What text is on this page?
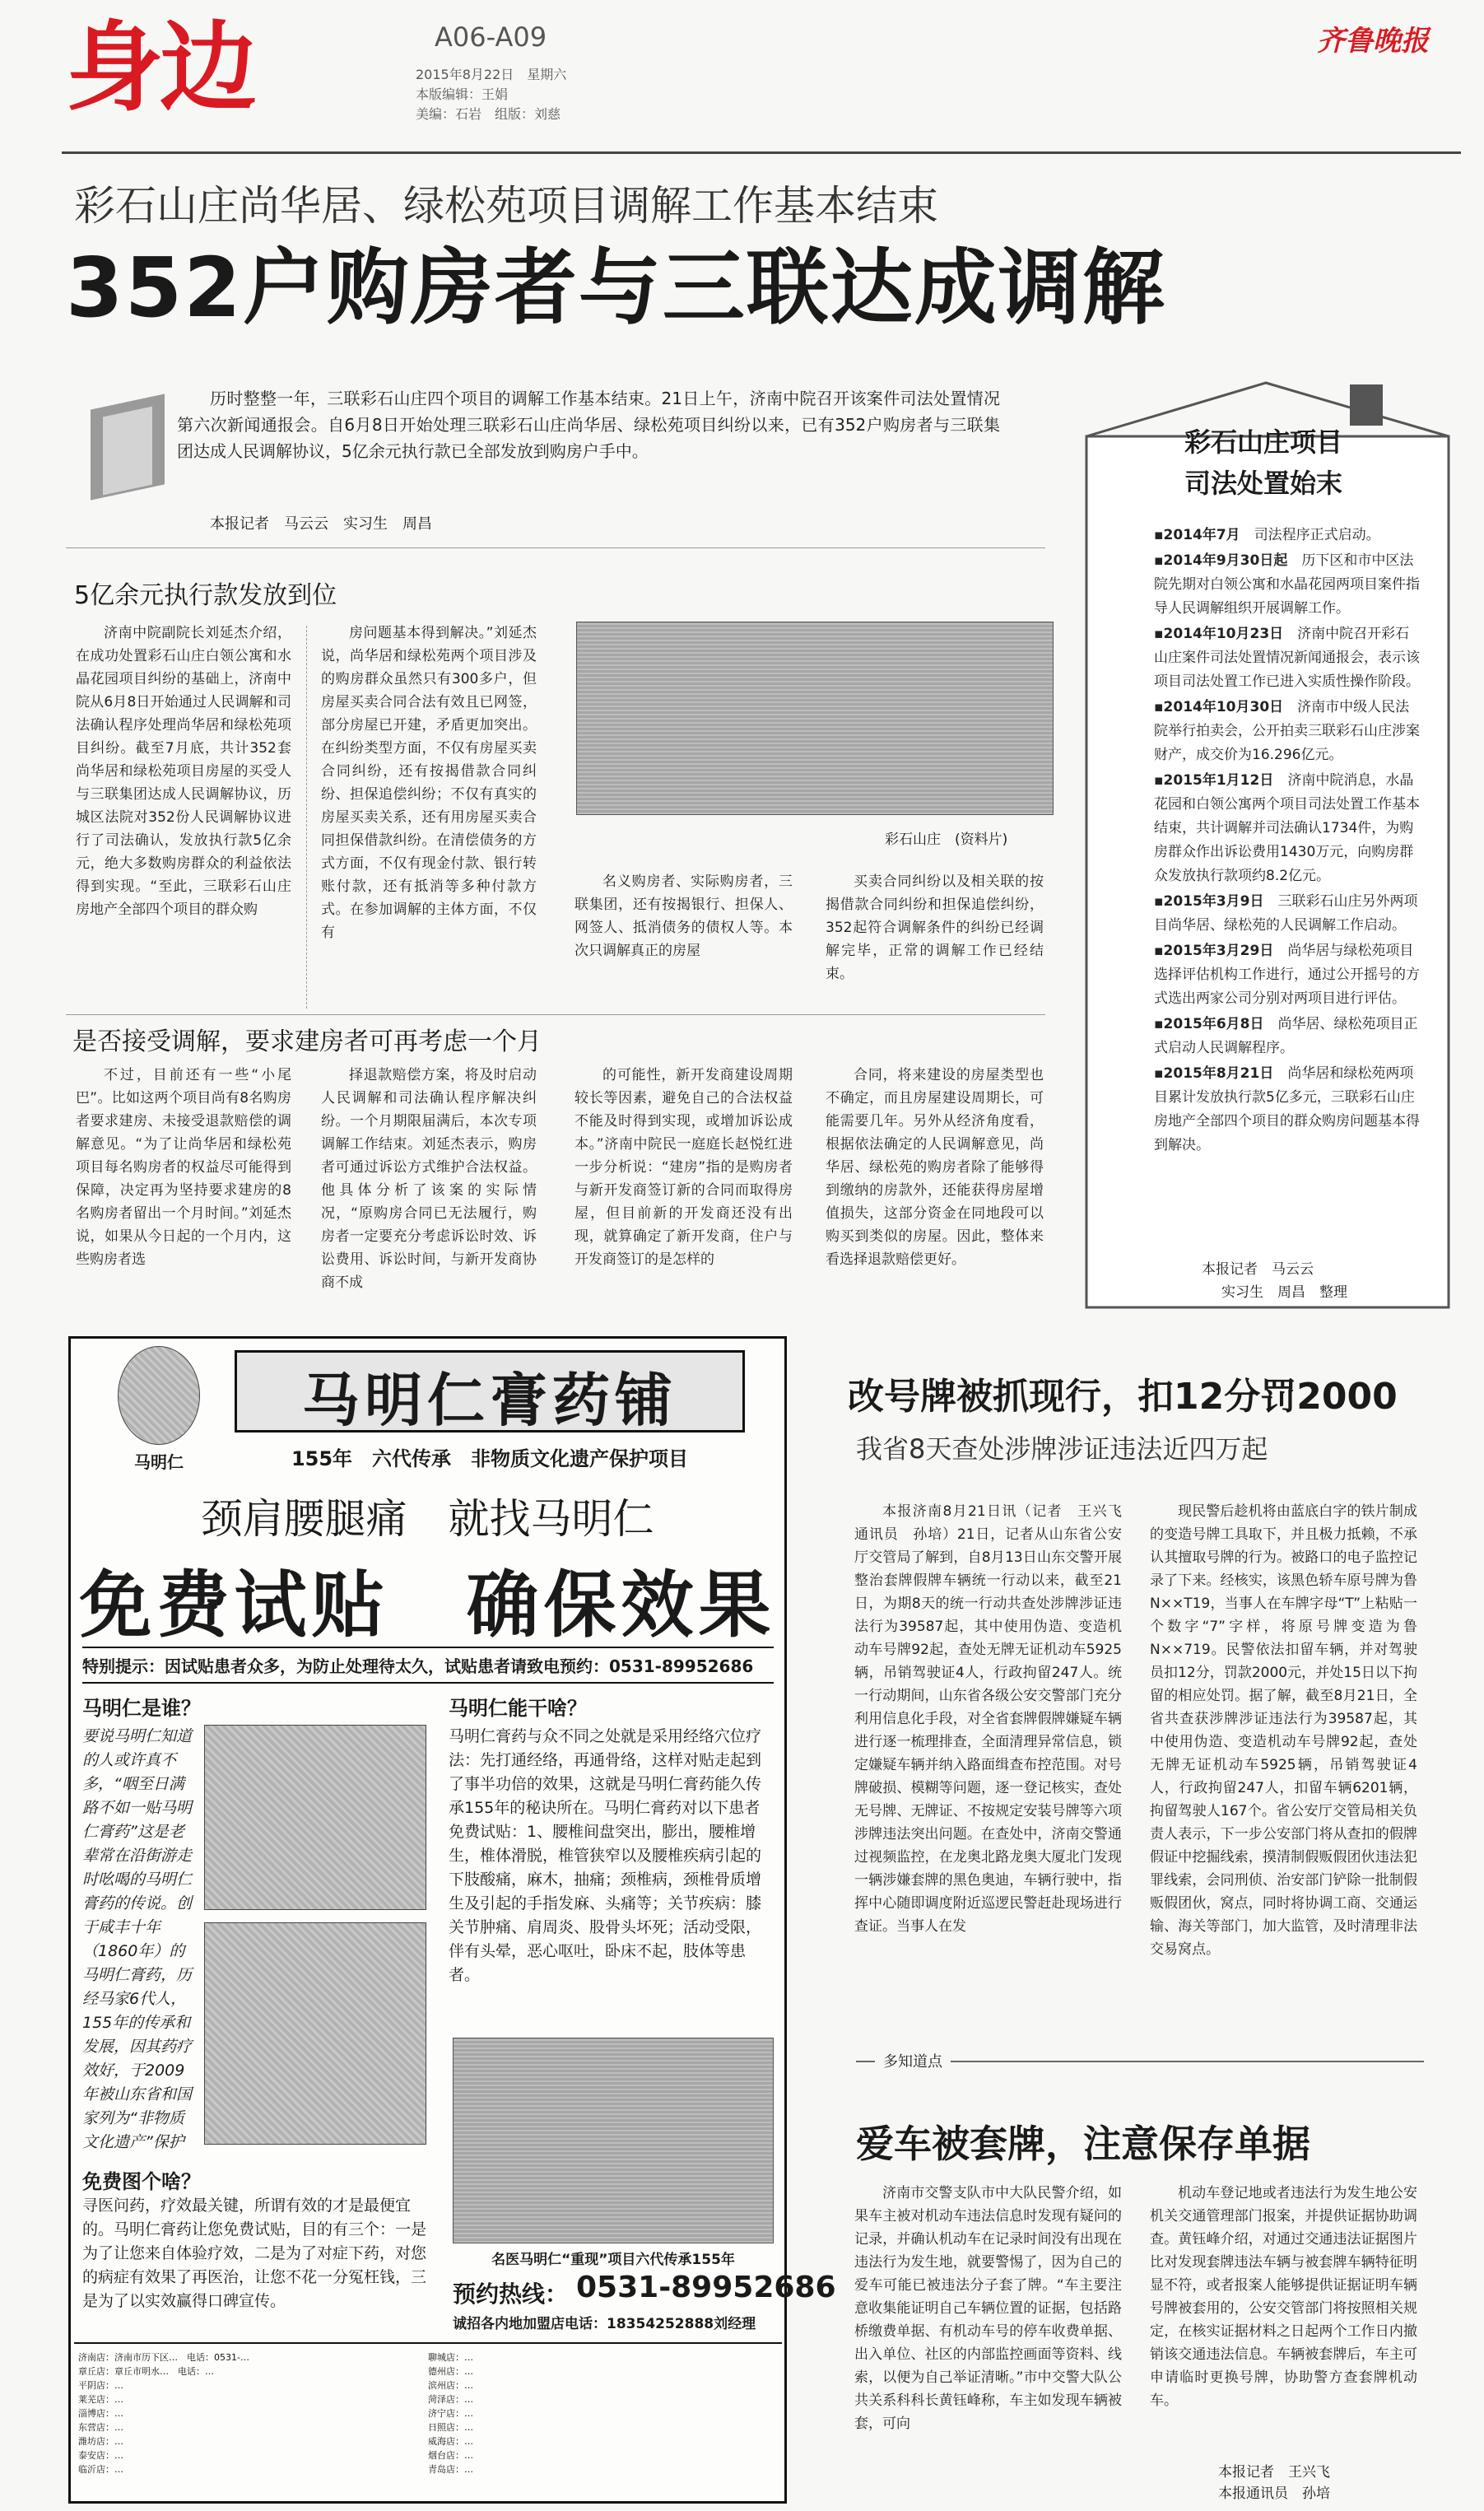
身边	A06-A09
2015年8月22日　星期六
本版编辑：王娟
美编：石岩　组版：刘慈
齐鲁晚报
彩石山庄尚华居、绿松苑项目调解工作基本结束
352户购房者与三联达成调解

历时整整一年，三联彩石山庄四个项目的调解工作基本结束。21日上午，济南中院召开该案件司法处置情况第六次新闻通报会。自6月8日开始处理三联彩石山庄尚华居、绿松苑项目纠纷以来，已有352户购房者与三联集团达成人民调解协议，5亿余元执行款已全部发放到购房户手中。

本报记者　马云云　实习生　周昌
5亿余元执行款发放到位

济南中院副院长刘延杰介绍，在成功处置彩石山庄白领公寓和水晶花园项目纠纷的基础上，济南中院从6月8日开始通过人民调解和司法确认程序处理尚华居和绿松苑项目纠纷。截至7月底，共计352套尚华居和绿松苑项目房屋的买受人与三联集团达成人民调解协议，历城区法院对352份人民调解协议进行了司法确认，发放执行款5亿余元，绝大多数购房群众的利益依法得到实现。“至此，三联彩石山庄房地产全部四个项目的群众购

房问题基本得到解决。”刘延杰说，尚华居和绿松苑两个项目涉及的购房群众虽然只有300多户，但房屋买卖合同合法有效且已网签，部分房屋已开建，矛盾更加突出。在纠纷类型方面，不仅有房屋买卖合同纠纷，还有按揭借款合同纠纷、担保追偿纠纷；不仅有真实的房屋买卖关系，还有用房屋买卖合同担保借款纠纷。在清偿债务的方式方面，不仅有现金付款、银行转账付款，还有抵消等多种付款方式。在参加调解的主体方面，不仅有

彩石山庄　(资料片)

名义购房者、实际购房者，三联集团，还有按揭银行、担保人、网签人、抵消债务的债权人等。本次只调解真正的房屋

买卖合同纠纷以及相关联的按揭借款合同纠纷和担保追偿纠纷，352起符合调解条件的纠纷已经调解完毕，正常的调解工作已经结束。

是否接受调解，要求建房者可再考虑一个月

不过，目前还有一些“小尾巴”。比如这两个项目尚有8名购房者要求建房、未接受退款赔偿的调解意见。“为了让尚华居和绿松苑项目每名购房者的权益尽可能得到保障，决定再为坚持要求建房的8名购房者留出一个月时间。”刘延杰说，如果从今日起的一个月内，这些购房者选

择退款赔偿方案，将及时启动人民调解和司法确认程序解决纠纷。一个月期限届满后，本次专项调解工作结束。刘延杰表示，购房者可通过诉讼方式维护合法权益。他具体分析了该案的实际情况，“原购房合同已无法履行，购房者一定要充分考虑诉讼时效、诉讼费用、诉讼时间，与新开发商协商不成

的可能性，新开发商建设周期较长等因素，避免自己的合法权益不能及时得到实现，或增加诉讼成本。”济南中院民一庭庭长赵悦红进一步分析说：“建房”指的是购房者与新开发商签订新的合同而取得房屋，但目前新的开发商还没有出现，就算确定了新开发商，住户与开发商签订的是怎样的

合同，将来建设的房屋类型也不确定，而且房屋建设周期长，可能需要几年。另外从经济角度看，根据依法确定的人民调解意见，尚华居、绿松苑的购房者除了能够得到缴纳的房款外，还能获得房屋增值损失，这部分资金在同地段可以购买到类似的房屋。因此，整体来看选择退款赔偿更好。

彩石山庄项目
司法处置始末
▪2014年7月　 司法程序正式启动。
▪2014年9月30日起　 历下区和市中区法院先期对白领公寓和水晶花园两项目案件指导人民调解组织开展调解工作。
▪2014年10月23日　 济南中院召开彩石山庄案件司法处置情况新闻通报会，表示该项目司法处置工作已进入实质性操作阶段。
▪2014年10月30日　 济南市中级人民法院举行拍卖会，公开拍卖三联彩石山庄涉案财产，成交价为16.296亿元。
▪2015年1月12日　 济南中院消息，水晶花园和白领公寓两个项目司法处置工作基本结束，共计调解并司法确认1734件，为购房群众作出诉讼费用1430万元，向购房群众发放执行款项约8.2亿元。
▪2015年3月9日　 三联彩石山庄另外两项目尚华居、绿松苑的人民调解工作启动。
▪2015年3月29日　 尚华居与绿松苑项目选择评估机构工作进行，通过公开摇号的方式选出两家公司分别对两项目进行评估。
▪2015年6月8日　 尚华居、绿松苑项目正式启动人民调解程序。
▪2015年8月21日　 尚华居和绿松苑两项目累计发放执行款5亿多元，三联彩石山庄房地产全部四个项目的群众购房问题基本得到解决。
本报记者　马云云
实习生　周昌　整理
马明仁
马明仁膏药铺
155年　六代传承　非物质文化遗产保护项目
颈肩腰腿痛　就找马明仁
免费试贴　确保效果
特别提示：因试贴患者众多，为防止处理待太久，试贴患者请致电预约：0531-89952686
马明仁是谁？
要说马明仁知道的人或许真不多，“咽至日满路不如一贴马明仁膏药”这是老辈常在沿街游走时吆喝的马明仁膏药的传说。创于咸丰十年（1860年）的马明仁膏药，历经马家6代人，155年的传承和发展，因其药疗效好，于2009年被山东省和国家列为“非物质文化遗产”保护
马明仁能干啥？
马明仁膏药与众不同之处就是采用经络穴位疗法：先打通经络，再通骨络，这样对贴走起到了事半功倍的效果，这就是马明仁膏药能久传承155年的秘诀所在。马明仁膏药对以下患者免费试贴：1、腰椎间盘突出，膨出，腰椎增生，椎体滑脱，椎管狭窄以及腰椎疾病引起的下肢酸痛，麻木，抽痛；颈椎病，颈椎骨质增生及引起的手指发麻、头痛等；关节疾病：膝关节肿痛、肩周炎、股骨头坏死；活动受限，伴有头晕，恶心呕吐，卧床不起，肢体等患者。
名医马明仁“重现”项目六代传承155年
免费图个啥？
寻医问药，疗效最关键，所谓有效的才是最便宜的。马明仁膏药让您免费试贴，目的有三个：一是为了让您来自体验疗效，二是为了对症下药，对您的病症有效果了再医治，让您不花一分冤枉钱，三是为了以实效赢得口碑宣传。	预约热线： 0531-89952686
诚招各内地加盟店电话：18354252888刘经理
济南店：济南市历下区…　电话：0531-…
章丘店：章丘市明水…　电话：…
平阴店：…
莱芜店：…
淄博店：…
东营店：…
潍坊店：…
泰安店：…
临沂店：…
聊城店：…
德州店：…
滨州店：…
菏泽店：…
济宁店：…
日照店：…
威海店：…
烟台店：…
青岛店：…
改号牌被抓现行，扣12分罚2000
我省8天查处涉牌涉证违法近四万起

本报济南8月21日讯（记者　王兴飞　通讯员　孙培）21日，记者从山东省公安厅交管局了解到，自8月13日山东交警开展整治套牌假牌车辆统一行动以来，截至21日，为期8天的统一行动共查处涉牌涉证违法行为39587起，其中使用伪造、变造机动车号牌92起，查处无牌无证机动车5925辆，吊销驾驶证4人，行政拘留247人。统一行动期间，山东省各级公安交警部门充分利用信息化手段，对全省套牌假牌嫌疑车辆进行逐一梳理排查，全面清理异常信息，锁定嫌疑车辆并纳入路面缉查布控范围。对号牌破损、模糊等问题，逐一登记核实，查处无号牌、无牌证、不按规定安装号牌等六项涉牌违法突出问题。在查处中，济南交警通过视频监控，在龙奥北路龙奥大厦北门发现一辆涉嫌套牌的黑色奥迪，车辆行驶中，指挥中心随即调度附近巡逻民警赶赴现场进行查证。当事人在发

现民警后趁机将由蓝底白字的铁片制成的变造号牌工具取下，并且极力抵赖，不承认其擅取号牌的行为。被路口的电子监控记录了下来。经核实，该黑色轿车原号牌为鲁N××T19，当事人在车牌字母“T”上粘贴一个数字“7”字样，将原号牌变造为鲁N××719。民警依法扣留车辆，并对驾驶员扣12分，罚款2000元，并处15日以下拘留的相应处罚。据了解，截至8月21日，全省共查获涉牌涉证违法行为39587起，其中使用伪造、变造机动车号牌92起，查处无牌无证机动车5925辆，吊销驾驶证4人，行政拘留247人，扣留车辆6201辆，拘留驾驶人167个。省公安厅交管局相关负责人表示，下一步公安部门将从查扣的假牌假证中挖掘线索，摸清制假贩假团伙违法犯罪线索，会同刑侦、治安部门铲除一批制假贩假团伙，窝点，同时将协调工商、交通运输、海关等部门，加大监管，及时清理非法交易窝点。

多知道点
爱车被套牌，注意保存单据

济南市交警支队市中大队民警介绍，如果车主被对机动车违法信息时发现有疑问的记录，并确认机动车在记录时间没有出现在违法行为发生地，就要警惕了，因为自己的爱车可能已被违法分子套了牌。“车主要注意收集能证明自己车辆位置的证据，包括路桥缴费单据、有机动车号的停车收费单据、出入单位、社区的内部监控画面等资料、线索，以便为自己举证清晰。”市中交警大队公共关系科科长黄钰峰称，车主如发现车辆被套，可向

机动车登记地或者违法行为发生地公安机关交通管理部门报案，并提供证据协助调查。黄钰峰介绍，对通过交通违法证据图片比对发现套牌违法车辆与被套牌车辆特征明显不符，或者报案人能够提供证据证明车辆号牌被套用的，公安交管部门将按照相关规定，在核实证据材料之日起两个工作日内撤销该交通违法信息。车辆被套牌后，车主可申请临时更换号牌，协助警方查套牌机动车。

本报记者　王兴飞
本报通讯员　孙培
